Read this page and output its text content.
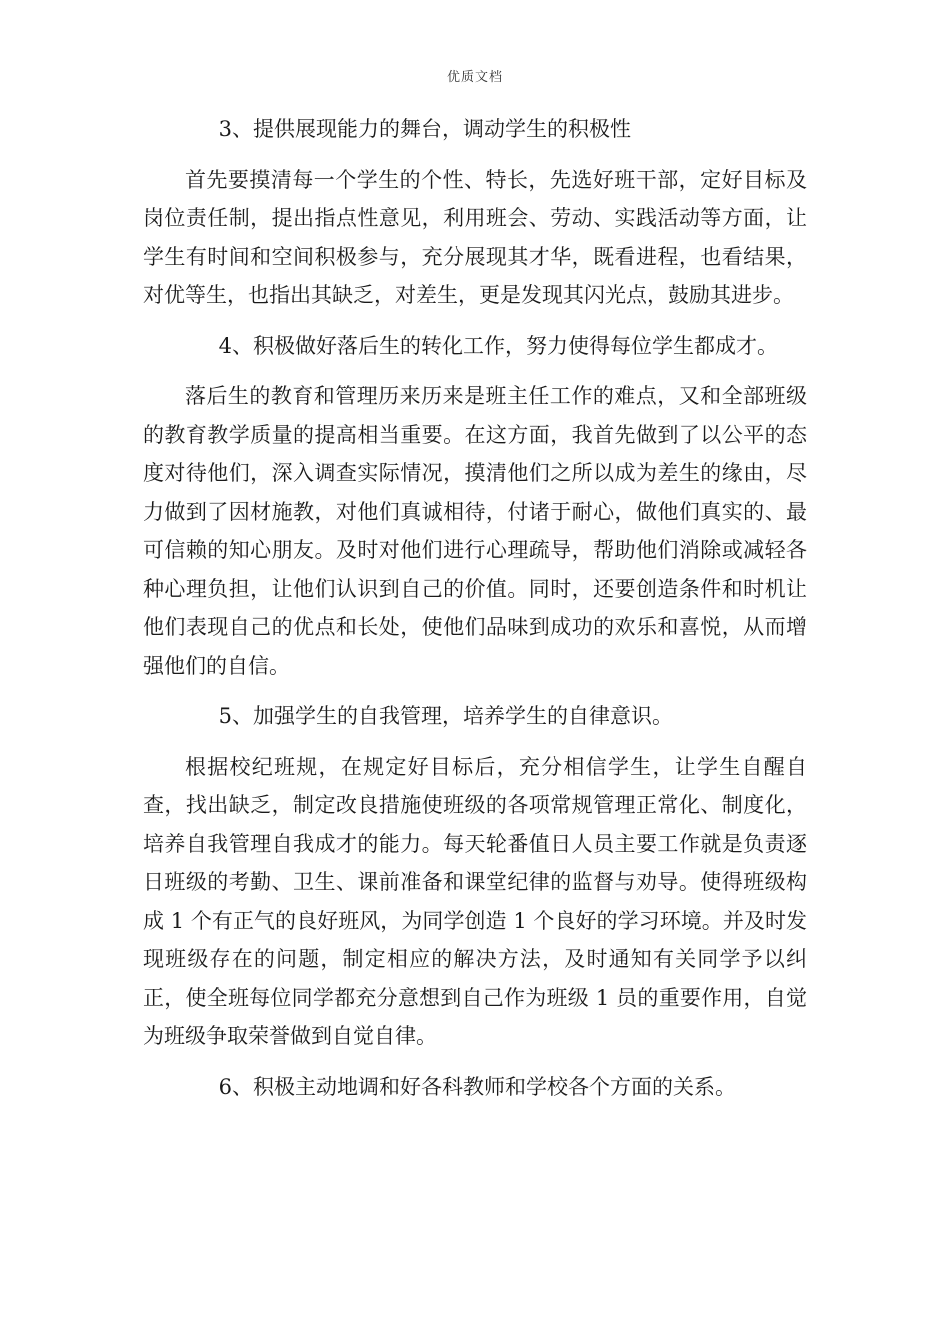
优质文档

3、提供展现能力的舞台，调动学生的积极性

首先要摸清每一个学生的个性、特长，先选好班干部，定好目标及岗位责任制，提出指点性意见，利用班会、劳动、实践活动等方面，让学生有时间和空间积极参与，充分展现其才华，既看进程，也看结果，对优等生，也指出其缺乏，对差生，更是发现其闪光点，鼓励其进步。

4、积极做好落后生的转化工作，努力使得每位学生都成才。

落后生的教育和管理历来历来是班主任工作的难点，又和全部班级的教育教学质量的提高相当重要。在这方面，我首先做到了以公平的态度对待他们，深入调查实际情况，摸清他们之所以成为差生的缘由，尽力做到了因材施教，对他们真诚相待，付诸于耐心，做他们真实的、最可信赖的知心朋友。及时对他们进行心理疏导，帮助他们消除或减轻各种心理负担，让他们认识到自己的价值。同时，还要创造条件和时机让他们表现自己的优点和长处，使他们品味到成功的欢乐和喜悦，从而增强他们的自信。

5、加强学生的自我管理，培养学生的自律意识。

根据校纪班规，在规定好目标后，充分相信学生，让学生自醒自查，找出缺乏，制定改良措施使班级的各项常规管理正常化、制度化，培养自我管理自我成才的能力。每天轮番值日人员主要工作就是负责逐日班级的考勤、卫生、课前准备和课堂纪律的监督与劝导。使得班级构成 1 个有正气的良好班风，为同学创造 1 个良好的学习环境。并及时发现班级存在的问题，制定相应的解决方法，及时通知有关同学予以纠正，使全班每位同学都充分意想到自己作为班级 1 员的重要作用，自觉为班级争取荣誉做到自觉自律。

6、积极主动地调和好各科教师和学校各个方面的关系。
